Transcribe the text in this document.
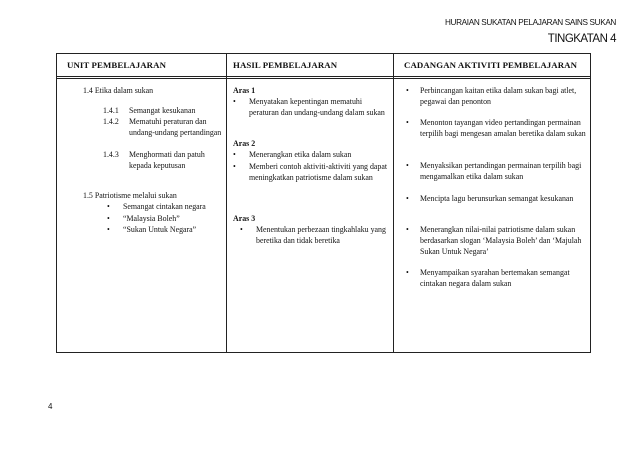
HURAIAN SUKATAN PELAJARAN SAINS SUKAN
TINGKATAN 4
UNIT PEMBELAJARAN
1.4 Etika dalam sukan
1.4.1 Semangat kesukanan
1.4.2 Mematuhi peraturan dan undang-undang pertandingan
1.4.3 Menghormati dan patuh kepada keputusan
1.5 Patriotisme melalui sukan
• Semangat cintakan negara
• “Malaysia Boleh”
• “Sukan Untuk Negara”
HASIL PEMBELAJARAN
Aras 1
• Menyatakan kepentingan mematuhi peraturan dan undang-undang dalam sukan
Aras 2
• Menerangkan etika dalam sukan
• Memberi contoh aktiviti-aktiviti yang dapat meningkatkan patriotisme dalam sukan
Aras 3
• Menentukan perbezaan tingkahlaku yang beretika dan tidak beretika
CADANGAN AKTIVITI PEMBELAJARAN
• Perbincangan kaitan etika dalam sukan bagi atlet, pegawai dan penonton
• Menonton tayangan video pertandingan permainan terpilih bagi mengesan amalan beretika dalam sukan
• Menyaksikan pertandingan permainan terpilih bagi mengamalkan etika dalam sukan
• Mencipta lagu berunsurkan semangat kesukanan
• Menerangkan nilai-nilai patriotisme dalam sukan berdasarkan slogan ‘Malaysia Boleh’ dan ‘Majulah Sukan Untuk Negara’
• Menyampaikan syarahan bertemakan semangat cintakan negara dalam sukan
4
